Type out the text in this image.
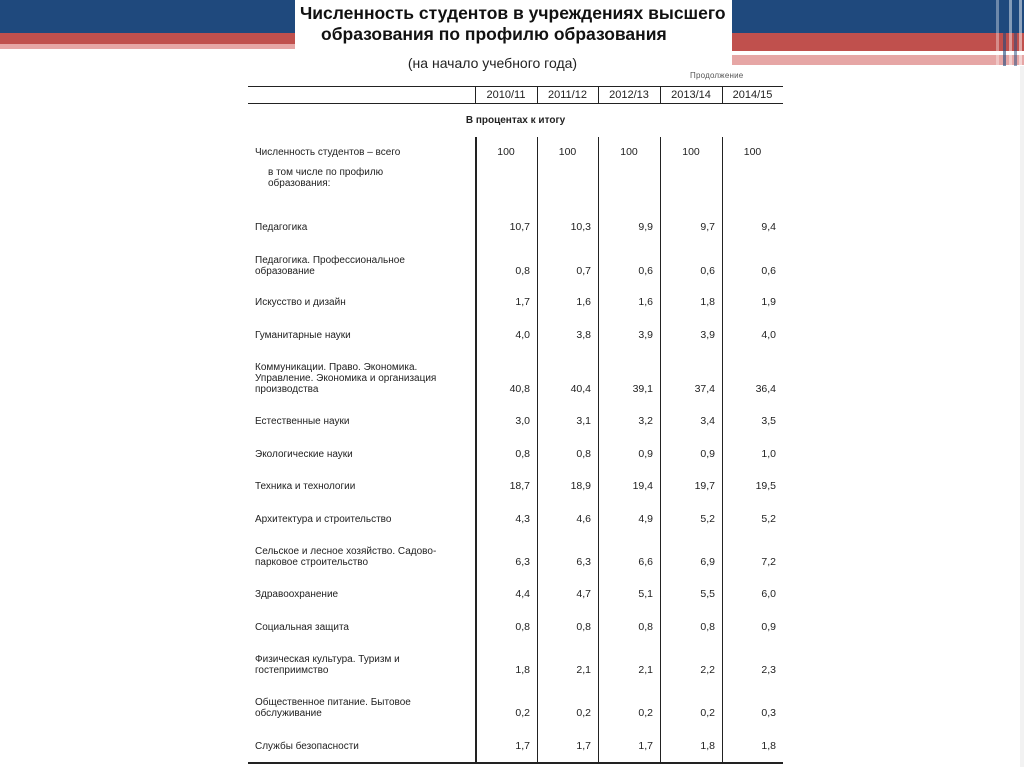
Численность студентов в учреждениях высшего
образования по профилю образования
(на начало учебного года)
Продолжение
2010/11	2011/12	2012/13	2013/14	2014/15
Численность студентов – всего	100	100	100	100	100
в том числе по профилю образования:
Педагогика	10,7	10,3	9,9	9,7	9,4
Педагогика. Профессиональное образование	0,8	0,7	0,6	0,6	0,6
Искусство и дизайн	1,7	1,6	1,6	1,8	1,9
Гуманитарные науки	4,0	3,8	3,9	3,9	4,0
Коммуникации. Право. Экономика. Управление. Экономика и организация производства	40,8	40,4	39,1	37,4	36,4
Естественные науки	3,0	3,1	3,2	3,4	3,5
Экологические науки	0,8	0,8	0,9	0,9	1,0
Техника и технологии	18,7	18,9	19,4	19,7	19,5
Архитектура и строительство	4,3	4,6	4,9	5,2	5,2
Сельское и лесное хозяйство. Садово-парковое строительство	6,3	6,3	6,6	6,9	7,2
Здравоохранение	4,4	4,7	5,1	5,5	6,0
Социальная защита	0,8	0,8	0,8	0,8	0,9
Физическая культура. Туризм и гостеприимство	1,8	2,1	2,1	2,2	2,3
Общественное питание. Бытовое обслуживание	0,2	0,2	0,2	0,2	0,3
Службы безопасности	1,7	1,7	1,7	1,8	1,8
В процентах к итогу
